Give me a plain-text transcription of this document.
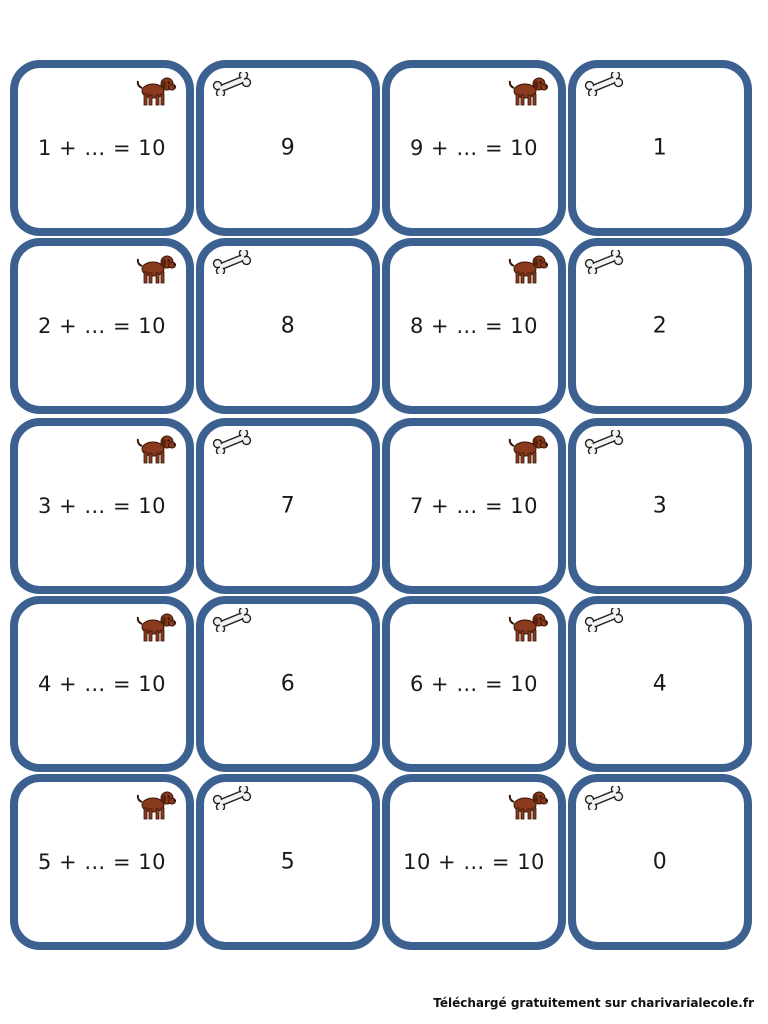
1 + … = 10	9	9 + … = 10	1
2 + … = 10	8	8 + … = 10	2
3 + … = 10	7	7 + … = 10	3
4 + … = 10	6	6 + … = 10	4
5 + … = 10	5	10 + … = 10	0
Téléchargé gratuitement sur charivarialecole.fr
